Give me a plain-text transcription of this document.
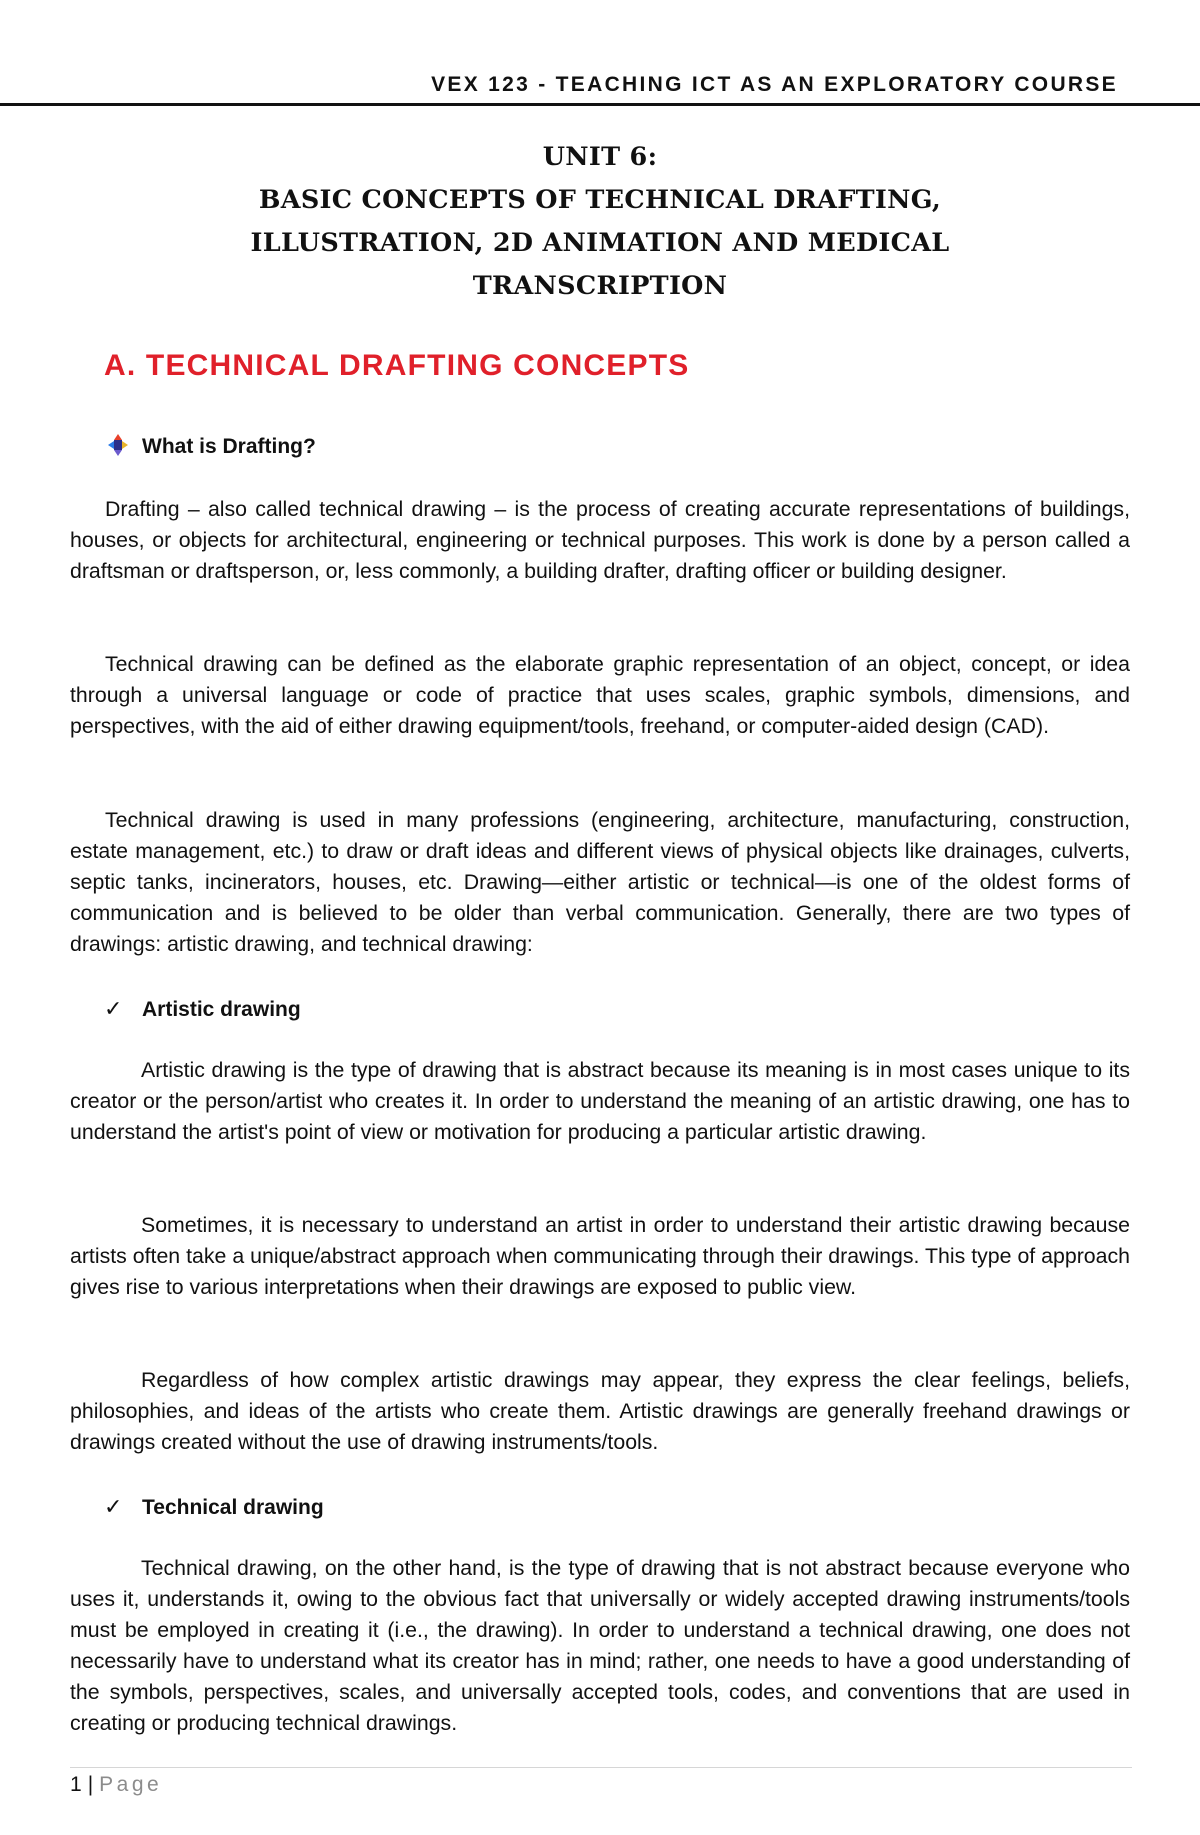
VEX 123 - TEACHING ICT AS AN EXPLORATORY COURSE
UNIT 6:
BASIC CONCEPTS OF TECHNICAL DRAFTING,
ILLUSTRATION, 2D ANIMATION AND MEDICAL
TRANSCRIPTION
A. TECHNICAL DRAFTING CONCEPTS
What is Drafting?

Drafting – also called technical drawing – is the process of creating accurate representations of buildings, houses, or objects for architectural, engineering or technical purposes. This work is done by a person called a draftsman or draftsperson, or, less commonly, a building drafter, drafting officer or building designer.

Technical drawing can be defined as the elaborate graphic representation of an object, concept, or idea through a universal language or code of practice that uses scales, graphic symbols, dimensions, and perspectives, with the aid of either drawing equipment/tools, freehand, or computer-aided design (CAD).

Technical drawing is used in many professions (engineering, architecture, manufacturing, construction, estate management, etc.) to draw or draft ideas and different views of physical objects like drainages, culverts, septic tanks, incinerators, houses, etc. Drawing—either artistic or technical—is one of the oldest forms of communication and is believed to be older than verbal communication. Generally, there are two types of drawings: artistic drawing, and technical drawing:

✓ Artistic drawing

Artistic drawing is the type of drawing that is abstract because its meaning is in most cases unique to its creator or the person/artist who creates it. In order to understand the meaning of an artistic drawing, one has to understand the artist's point of view or motivation for producing a particular artistic drawing.

Sometimes, it is necessary to understand an artist in order to understand their artistic drawing because artists often take a unique/abstract approach when communicating through their drawings. This type of approach gives rise to various interpretations when their drawings are exposed to public view.

Regardless of how complex artistic drawings may appear, they express the clear feelings, beliefs, philosophies, and ideas of the artists who create them. Artistic drawings are generally freehand drawings or drawings created without the use of drawing instruments/tools.

✓ Technical drawing

Technical drawing, on the other hand, is the type of drawing that is not abstract because everyone who uses it, understands it, owing to the obvious fact that universally or widely accepted drawing instruments/tools must be employed in creating it (i.e., the drawing). In order to understand a technical drawing, one does not necessarily have to understand what its creator has in mind; rather, one needs to have a good understanding of the symbols, perspectives, scales, and universally accepted tools, codes, and conventions that are used in creating or producing technical drawings.

1 | Page
